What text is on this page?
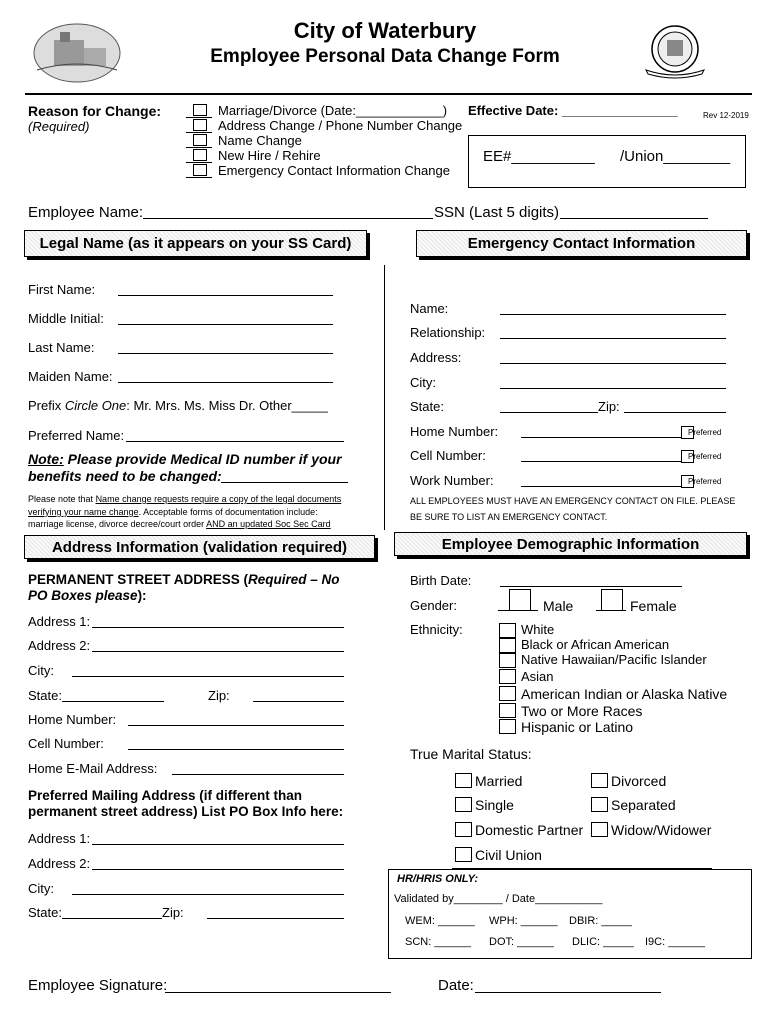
City of Waterbury
Employee Personal Data Change Form
Reason for Change:
(Required)
Marriage/Divorce (Date:____________)
Address Change / Phone Number Change
Name Change
New Hire / Rehire
Emergency Contact Information Change
Effective Date: ________________	Rev 12-2019
EE#__________ /Union________
Employee Name:	SSN (Last 5 digits)
Legal Name (as it appears on your SS Card)	Emergency Contact Information
First Name:
Middle Initial:
Last Name:
Maiden Name:
Prefix Circle One: Mr. Mrs. Ms. Miss Dr. Other_____
Preferred Name:
Note: Please provide Medical ID number if your
benefits need to be changed:
Please note that Name change requests require a copy of the legal documents
verifying your name change. Acceptable forms of documentation include:
marriage license, divorce decree/court order AND an updated Soc Sec Card
Name:
Relationship:
Address:
City:
State:	Zip:
Home Number:	Preferred
Cell Number:	Preferred
Work Number:	Preferred
ALL EMPLOYEES MUST HAVE AN EMERGENCY CONTACT ON FILE. PLEASE
BE SURE TO LIST AN EMERGENCY CONTACT.
Address Information (validation required)	Employee Demographic Information
PERMANENT STREET ADDRESS (Required – No
PO Boxes please):
Address 1:
Address 2:
City:
State:	Zip:
Home Number:
Cell Number:
Home E-Mail Address:
Preferred Mailing Address (if different than
permanent street address) List PO Box Info here:
Address 1:
Address 2:
City:
State:	Zip:
Birth Date:
Gender:	Male	Female
Ethnicity:	White
Black or African American
Native Hawaiian/Pacific Islander
Asian
American Indian or Alaska Native
Two or More Races
Hispanic or Latino
True Marital Status:
Married	Divorced
Single	Separated
Domestic Partner Widow/Widower
Civil Union
HR/HRIS ONLY:
Validated by________ / Date___________
WEM: ______ WPH: ______ DBIR: _____
SCN: ______ DOT: ______ DLIC: _____ I9C: ______
Employee Signature:	Date:
